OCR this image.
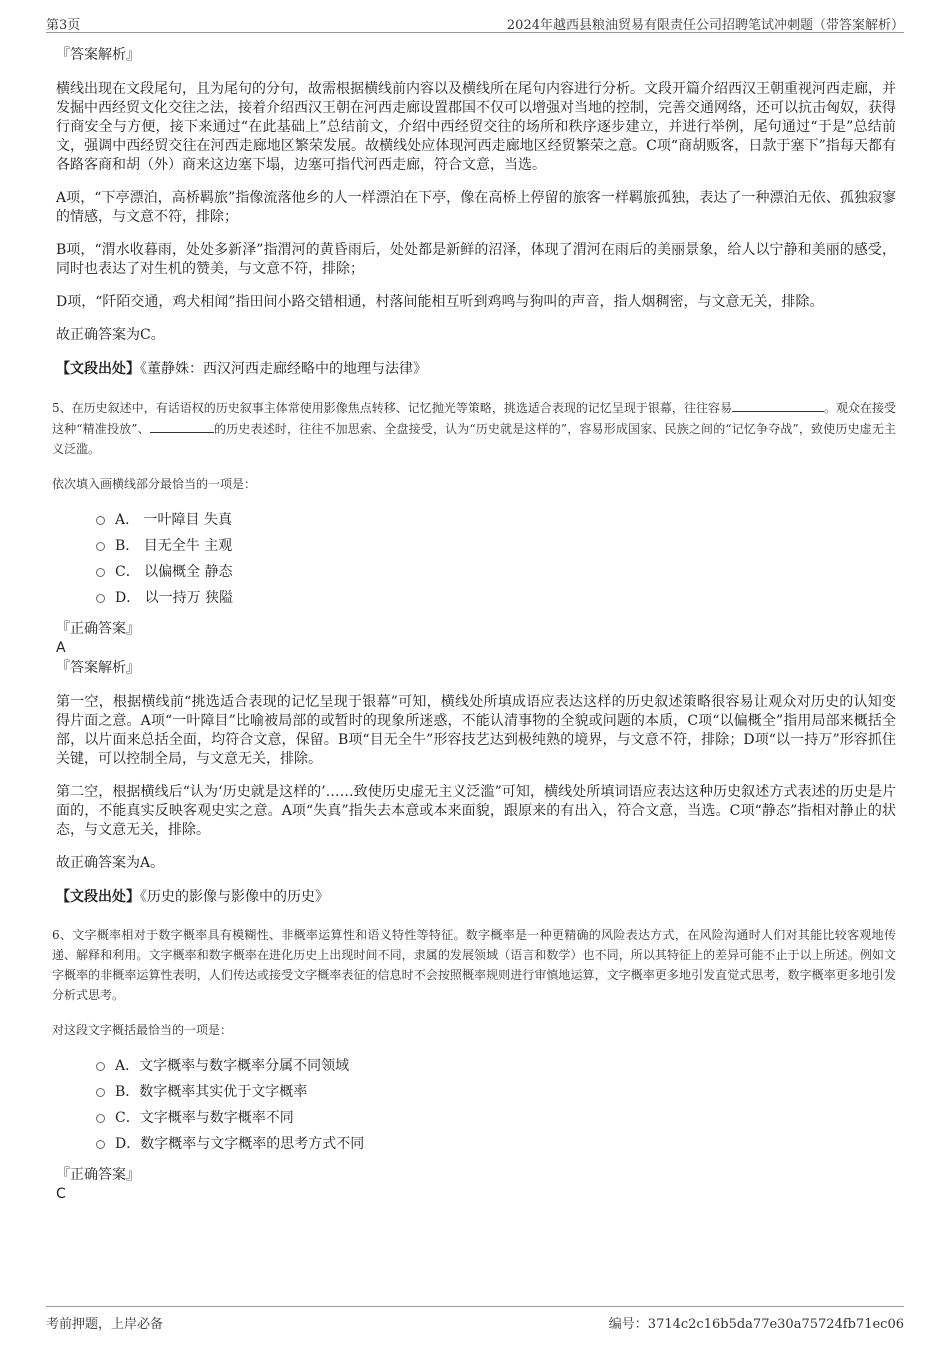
第3页	2024年越西县粮油贸易有限责任公司招聘笔试冲刺题（带答案解析）
『答案解析』

横线出现在文段尾句，且为尾句的分句，故需根据横线前内容以及横线所在尾句内容进行分析。文段开篇介绍西汉王朝重视河西走廊，并发掘中西经贸文化交往之法，接着介绍西汉王朝在河西走廊设置郡国不仅可以增强对当地的控制，完善交通网络，还可以抗击匈奴，获得行商安全与方便，接下来通过“在此基础上”总结前文，介绍中西经贸交往的场所和秩序逐步建立，并进行举例，尾句通过“于是”总结前文，强调中西经贸交往在河西走廊地区繁荣发展。故横线处应体现河西走廊地区经贸繁荣之意。C项“商胡贩客，日款于塞下”指每天都有各路客商和胡（外）商来这边塞下塌，边塞可指代河西走廊，符合文意，当选。

A项，“下亭漂泊，高桥羁旅”指像流落他乡的人一样漂泊在下亭，像在高桥上停留的旅客一样羁旅孤独，表达了一种漂泊无依、孤独寂寥的情感，与文意不符，排除；

B项，“渭水收暮雨，处处多新泽”指渭河的黄昏雨后，处处都是新鲜的沼泽，体现了渭河在雨后的美丽景象，给人以宁静和美丽的感受，同时也表达了对生机的赞美，与文意不符，排除；

D项，“阡陌交通，鸡犬相闻”指田间小路交错相通，村落间能相互听到鸡鸣与狗叫的声音，指人烟稠密，与文意无关，排除。

故正确答案为C。

【文段出处】《董静姝：西汉河西走廊经略中的地理与法律》

5、在历史叙述中，有话语权的历史叙事主体常使用影像焦点转移、记忆抛光等策略，挑选适合表现的记忆呈现于银幕，往往容易	。观众在接受这种“精准投放”、	的历史表述时，往往不加思索、全盘接受，认为“历史就是这样的”，容易形成国家、民族之间的“记忆争夺战”，致使历史虚无主义泛滥。

依次填入画横线部分最恰当的一项是：

A． 一叶障目 失真
B． 目无全牛 主观
C． 以偏概全 静态
D． 以一持万 狭隘
『正确答案』
A
『答案解析』

第一空，根据横线前“挑选适合表现的记忆呈现于银幕”可知，横线处所填成语应表达这样的历史叙述策略很容易让观众对历史的认知变得片面之意。A项“一叶障目”比喻被局部的或暂时的现象所迷惑，不能认清事物的全貌或问题的本质，C项“以偏概全”指用局部来概括全部，以片面来总括全面，均符合文意，保留。B项“目无全牛”形容技艺达到极纯熟的境界，与文意不符，排除；D项“以一持万”形容抓住关键，可以控制全局，与文意无关，排除。

第二空，根据横线后“认为‘历史就是这样的’……致使历史虚无主义泛滥”可知，横线处所填词语应表达这种历史叙述方式表述的历史是片面的，不能真实反映客观史实之意。A项“失真”指失去本意或本来面貌，跟原来的有出入，符合文意，当选。C项“静态”指相对静止的状态，与文意无关，排除。

故正确答案为A。

【文段出处】《历史的影像与影像中的历史》

6、文字概率相对于数字概率具有模糊性、非概率运算性和语义特性等特征。数字概率是一种更精确的风险表达方式，在风险沟通时人们对其能比较客观地传递、解释和利用。文字概率和数字概率在进化历史上出现时间不同，隶属的发展领域（语言和数学）也不同，所以其特征上的差异可能不止于以上所述。例如文字概率的非概率运算性表明，人们传达或接受文字概率表征的信息时不会按照概率规则进行审慎地运算，文字概率更多地引发直觉式思考，数字概率更多地引发分析式思考。

对这段文字概括最恰当的一项是：

A．文字概率与数字概率分属不同领域
B．数字概率其实优于文字概率
C．文字概率与数字概率不同
D．数字概率与文字概率的思考方式不同
『正确答案』
C
考前押题，上岸必备	编号：3714c2c16b5da77e30a75724fb71ec06
